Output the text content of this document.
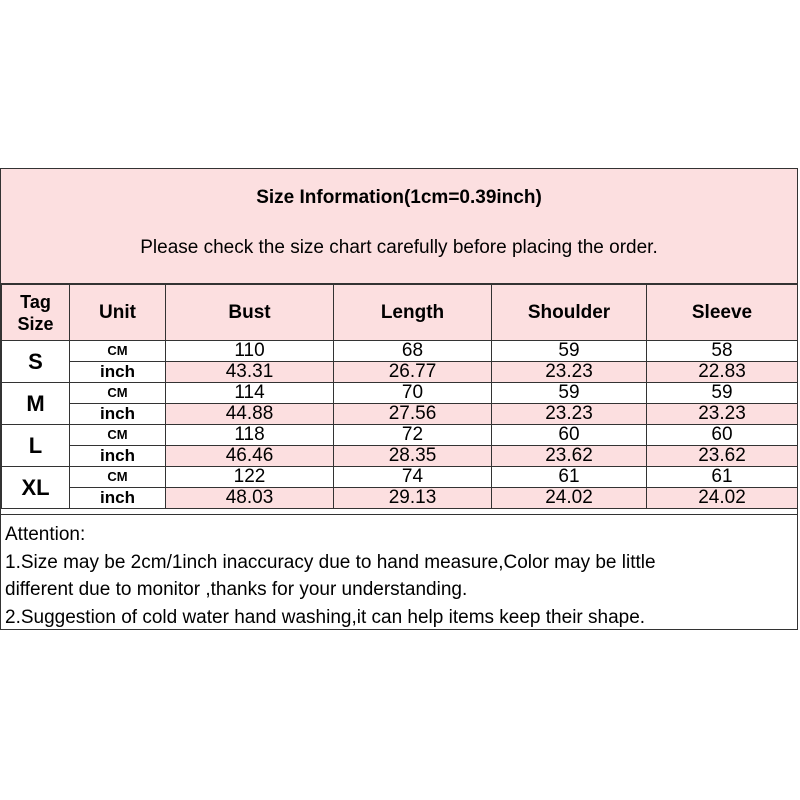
Size Information(1cm=0.39inch)
Please check the size chart carefully before placing the order.
Tag
Size	Unit	Bust	Length	Shoulder	Sleeve
S	CM	110	68	59	58
	inch	43.31	26.77	23.23	22.83
M	CM	114	70	59	59
	inch	44.88	27.56	23.23	23.23
L	CM	118	72	60	60
	inch	46.46	28.35	23.62	23.62
XL	CM	122	74	61	61
	inch	48.03	29.13	24.02	24.02
Attention:
1.Size may be 2cm/1inch inaccuracy due to hand measure,Color may be little
different due to monitor ,thanks for your understanding.
2.Suggestion of cold water hand washing,it can help items keep their shape.
